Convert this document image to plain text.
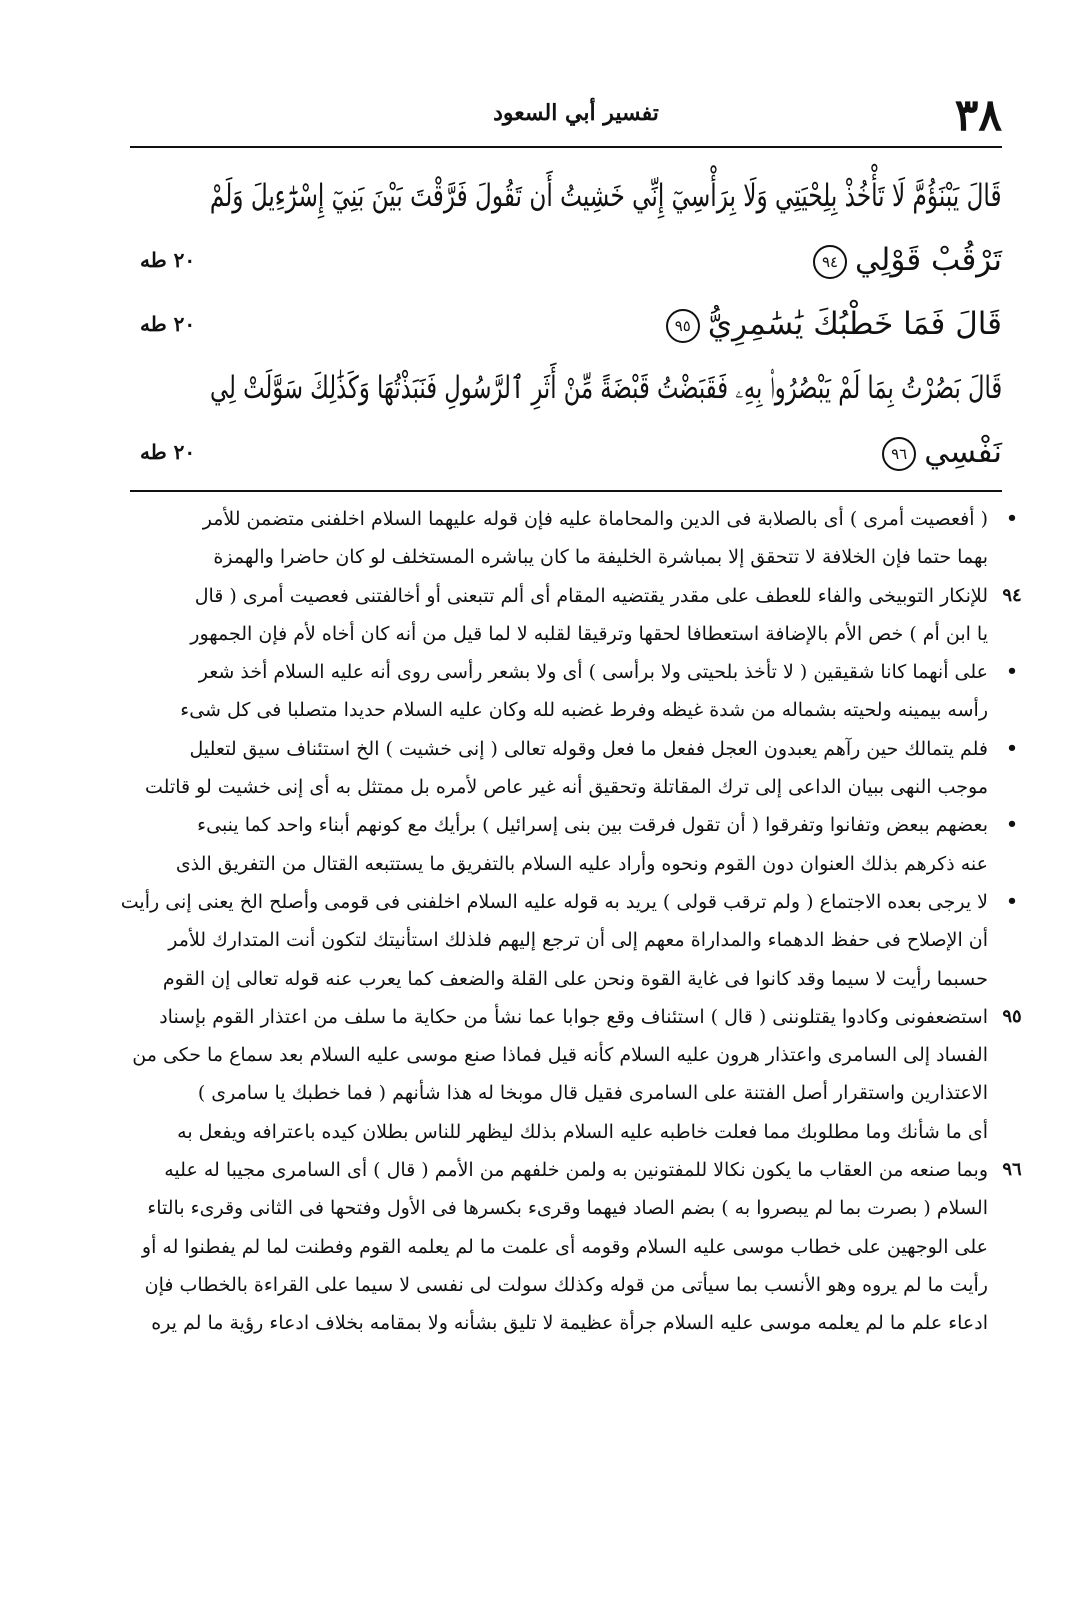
٣٨
تفسير أبي السعود
قَالَ يَبْنَؤُمَّ لَا تَأْخُذْ بِلِحْيَتِي وَلَا بِرَأْسِيٓ إِنِّي خَشِيتُ أَن تَقُولَ فَرَّقْتَ بَيْنَ بَنِيٓ إِسْرَٰٓءِيلَ وَلَمْ
تَرْقُبْ قَوْلِي٩٤
٢٠ طه
قَالَ فَمَا خَطْبُكَ يَٰسَٰمِرِيُّ٩٥
٢٠ طه
قَالَ بَصُرْتُ بِمَا لَمْ يَبْصُرُوا۟ بِهِۦ فَقَبَضْتُ قَبْضَةً مِّنْ أَثَرِ ٱلرَّسُولِ فَنَبَذْتُهَا وَكَذَٰلِكَ سَوَّلَتْ لِي
نَفْسِي٩٦
٢٠ طه
•
( أفعصيت أمرى ) أى بالصلابة فى الدين والمحاماة عليه فإن قوله عليهما السلام اخلفنى متضمن للأمر
بهما حتما فإن الخلافة لا تتحقق إلا بمباشرة الخليفة ما كان يباشره المستخلف لو كان حاضرا والهمزة
٩٤
للإنكار التوبيخى والفاء للعطف على مقدر يقتضيه المقام أى ألم تتبعنى أو أخالفتنى فعصيت أمرى ( قال
يا ابن أم ) خص الأم بالإضافة استعطافا لحقها وترقيقا لقلبه لا لما قيل من أنه كان أخاه لأم فإن الجمهور
•
على أنهما كانا شقيقين ( لا تأخذ بلحيتى ولا برأسى ) أى ولا بشعر رأسى روى أنه عليه السلام أخذ شعر
رأسه بيمينه ولحيته بشماله من شدة غيظه وفرط غضبه لله وكان عليه السلام حديدا متصلبا فى كل شىء
•
فلم يتمالك حين رآهم يعبدون العجل ففعل ما فعل وقوله تعالى ( إنى خشيت ) الخ استئناف سيق لتعليل
موجب النهى ببيان الداعى إلى ترك المقاتلة وتحقيق أنه غير عاص لأمره بل ممتثل به أى إنى خشيت لو قاتلت
•
بعضهم ببعض وتفانوا وتفرقوا ( أن تقول فرقت بين بنى إسرائيل ) برأيك مع كونهم أبناء واحد كما ينبىء
عنه ذكرهم بذلك العنوان دون القوم ونحوه وأراد عليه السلام بالتفريق ما يستتبعه القتال من التفريق الذى
•
لا يرجى بعده الاجتماع ( ولم ترقب قولى ) يريد به قوله عليه السلام اخلفنى فى قومى وأصلح الخ يعنى إنى رأيت
أن الإصلاح فى حفظ الدهماء والمداراة معهم إلى أن ترجع إليهم فلذلك استأنيتك لتكون أنت المتدارك للأمر
حسبما رأيت لا سيما وقد كانوا فى غاية القوة ونحن على القلة والضعف كما يعرب عنه قوله تعالى إن القوم
٩٥
استضعفونى وكادوا يقتلوننى ( قال ) استئناف وقع جوابا عما نشأ من حكاية ما سلف من اعتذار القوم بإسناد
الفساد إلى السامرى واعتذار هرون عليه السلام كأنه قيل فماذا صنع موسى عليه السلام بعد سماع ما حكى من
الاعتذارين واستقرار أصل الفتنة على السامرى فقيل قال موبخا له هذا شأنهم ( فما خطبك يا سامرى )
أى ما شأنك وما مطلوبك مما فعلت خاطبه عليه السلام بذلك ليظهر للناس بطلان كيده باعترافه ويفعل به
٩٦
وبما صنعه من العقاب ما يكون نكالا للمفتونين به ولمن خلفهم من الأمم ( قال ) أى السامرى مجيبا له عليه
السلام ( بصرت بما لم يبصروا به ) بضم الصاد فيهما وقرىء بكسرها فى الأول وفتحها فى الثانى وقرىء بالتاء
على الوجهين على خطاب موسى عليه السلام وقومه أى علمت ما لم يعلمه القوم وفطنت لما لم يفطنوا له أو
رأيت ما لم يروه وهو الأنسب بما سيأتى من قوله وكذلك سولت لى نفسى لا سيما على القراءة بالخطاب فإن
ادعاء علم ما لم يعلمه موسى عليه السلام جرأة عظيمة لا تليق بشأنه ولا بمقامه بخلاف ادعاء رؤية ما لم يره
